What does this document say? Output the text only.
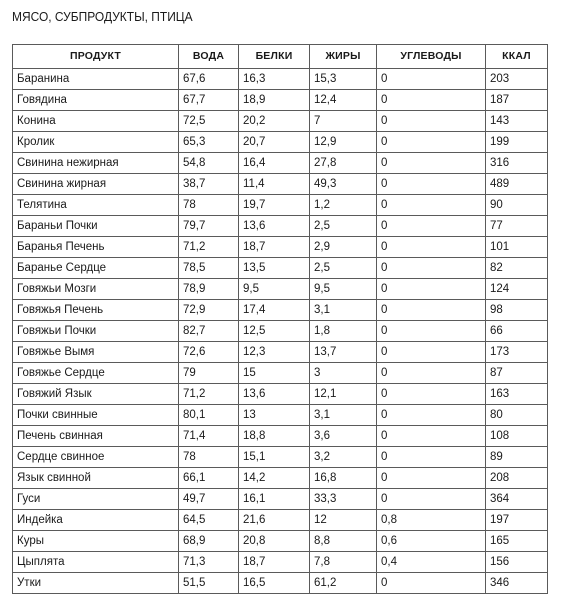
МЯСО, СУБПРОДУКТЫ, ПТИЦА
ПРОДУКТ	ВОДА	БЕЛКИ	ЖИРЫ	УГЛЕВОДЫ	ККАЛ
Баранина	67,6	16,3	15,3	0	203
Говядина	67,7	18,9	12,4	0	187
Конина	72,5	20,2	7	0	143
Кролик	65,3	20,7	12,9	0	199
Свинина нежирная	54,8	16,4	27,8	0	316
Свинина жирная	38,7	11,4	49,3	0	489
Телятина	78	19,7	1,2	0	90
Бараньи Почки	79,7	13,6	2,5	0	77
Баранья Печень	71,2	18,7	2,9	0	101
Баранье Сердце	78,5	13,5	2,5	0	82
Говяжьи Мозги	78,9	9,5	9,5	0	124
Говяжья Печень	72,9	17,4	3,1	0	98
Говяжьи Почки	82,7	12,5	1,8	0	66
Говяжье Вымя	72,6	12,3	13,7	0	173
Говяжье Сердце	79	15	3	0	87
Говяжий Язык	71,2	13,6	12,1	0	163
Почки свинные	80,1	13	3,1	0	80
Печень свинная	71,4	18,8	3,6	0	108
Сердце свинное	78	15,1	3,2	0	89
Язык свинной	66,1	14,2	16,8	0	208
Гуси	49,7	16,1	33,3	0	364
Индейка	64,5	21,6	12	0,8	197
Куры	68,9	20,8	8,8	0,6	165
Цыплята	71,3	18,7	7,8	0,4	156
Утки	51,5	16,5	61,2	0	346
